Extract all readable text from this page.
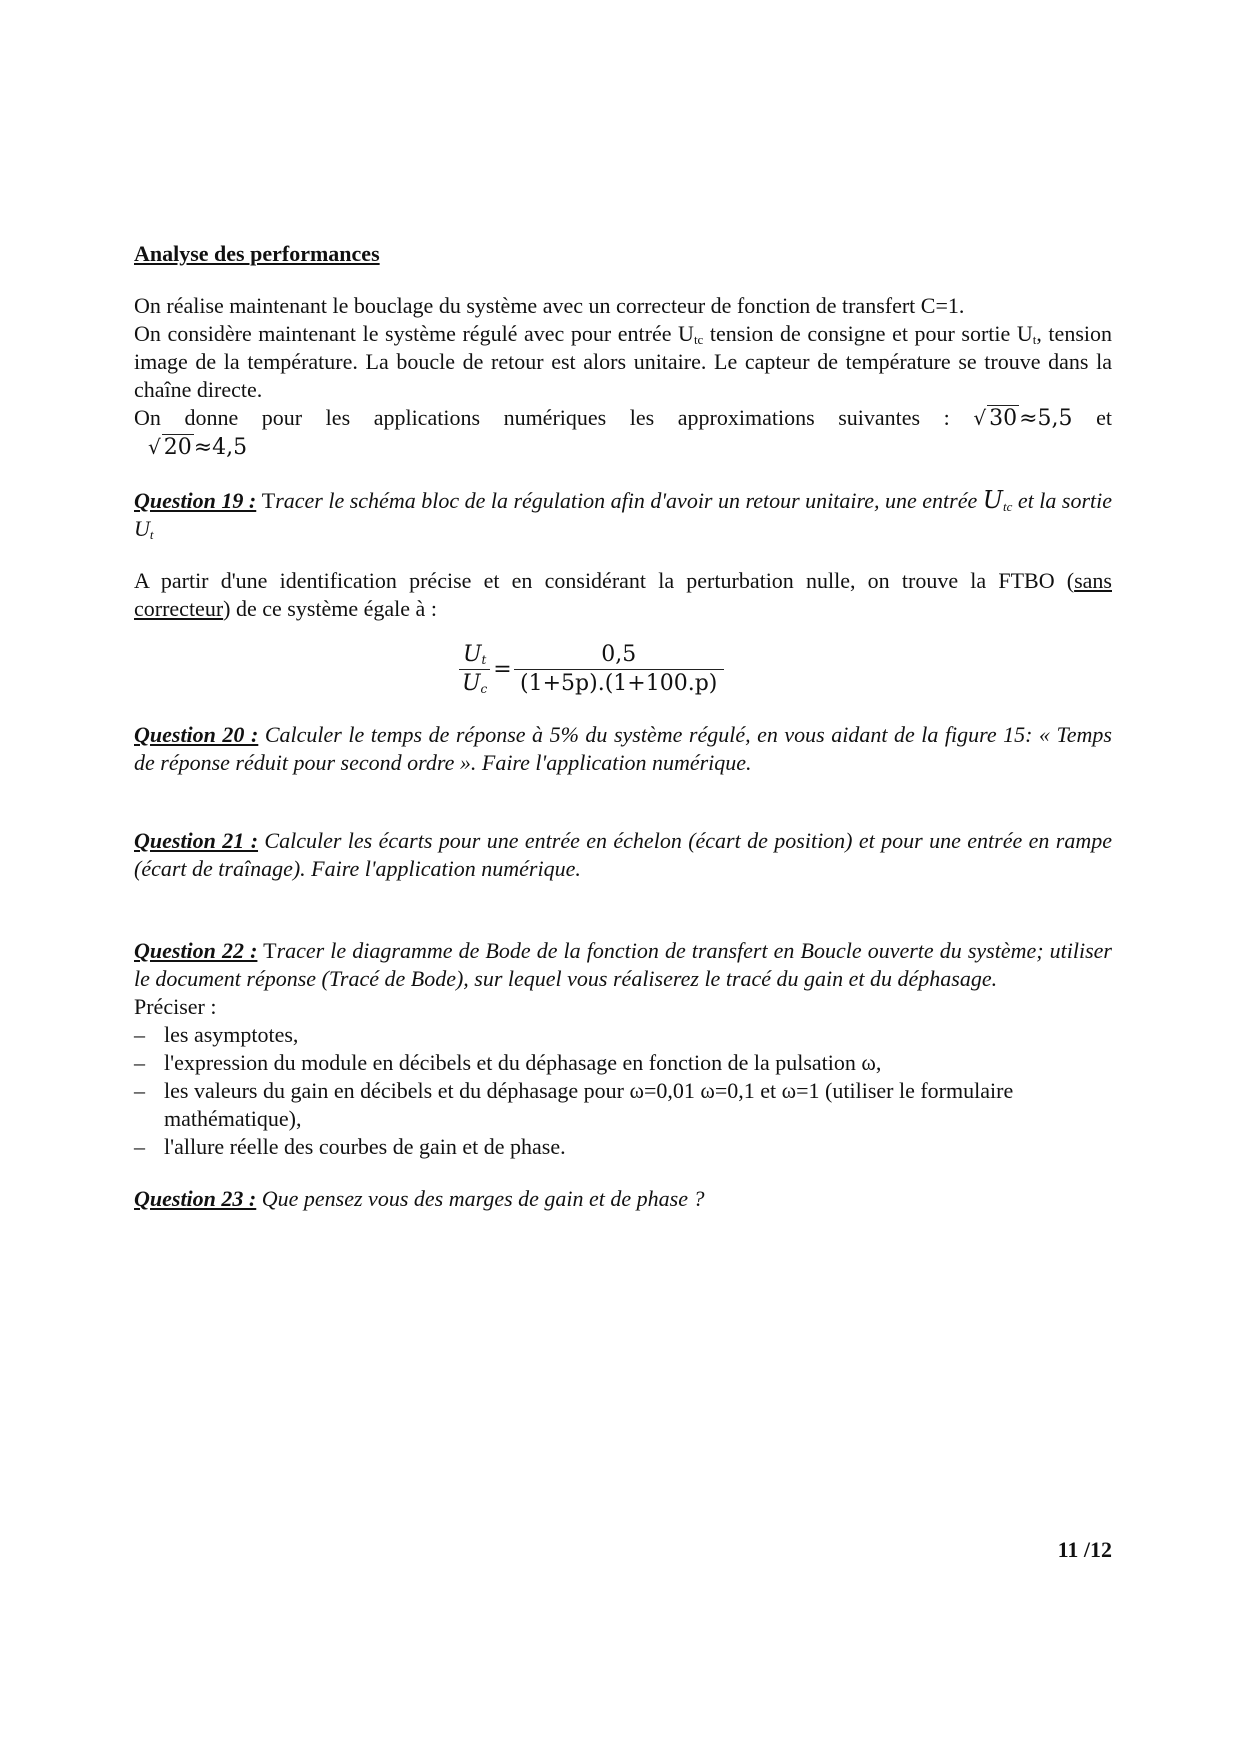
Analyse des performances

On réalise maintenant le bouclage du système avec un correcteur de fonction de transfert C=1.

On considère maintenant le système régulé avec pour entrée $U_{tc}$ tension de consigne et pour sortie $U_t$, tension image de la température. La boucle de retour est alors unitaire. Le capteur de température se trouve dans la chaîne directe.

On donne pour les applications numériques les approximations suivantes : √ 30≈5,5 et

√ 20≈4,5

Question 19 : Tracer le schéma bloc de la régulation afin d'avoir un retour unitaire, une entrée $U_{tc}$ et la sortie $U_t$

A partir d'une identification précise et en considérant la perturbation nulle, on trouve la FTBO (sans correcteur) de ce système égale à :

$\frac{U_t}{U_c} = \frac{0,5}{(1+5p).(1+100.p)}$

Question 20 : Calculer le temps de réponse à 5% du système régulé, en vous aidant de la figure 15: « Temps de réponse réduit pour second ordre ». Faire l'application numérique.

Question 21 : Calculer les écarts pour une entrée en échelon (écart de position) et pour une entrée en rampe (écart de traînage). Faire l'application numérique.

Question 22 : Tracer le diagramme de Bode de la fonction de transfert en Boucle ouverte du système; utiliser le document réponse (Tracé de Bode), sur lequel vous réaliserez le tracé du gain et du déphasage.

Préciser :

– les asymptotes,
– l'expression du module en décibels et du déphasage en fonction de la pulsation ω,
– les valeurs du gain en décibels et du déphasage pour ω=0,01 ω=0,1 et ω=1 (utiliser le formulaire mathématique),
– l'allure réelle des courbes de gain et de phase.

Question 23 : Que pensez vous des marges de gain et de phase ?

11 /12
